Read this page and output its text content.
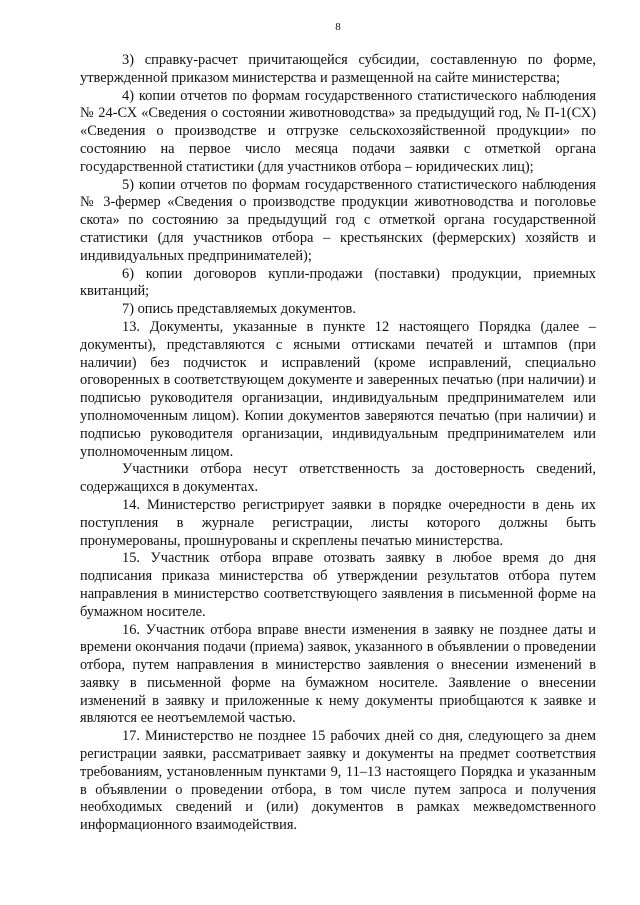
8

3) справку-расчет причитающейся субсидии, составленную по форме, утвержденной приказом министерства и размещенной на сайте министерства;

4) копии отчетов по формам государственного статистического наблюдения № 24-СХ «Сведения о состоянии животноводства» за предыдущий год, № П-1(СХ) «Сведения о производстве и отгрузке сельскохозяйственной продукции» по состоянию на первое число месяца подачи заявки с отметкой органа государственной статистики (для участников отбора – юридических лиц);

5) копии отчетов по формам государственного статистического наблюдения № 3-фермер «Сведения о производстве продукции животноводства и поголовье скота» по состоянию за предыдущий год с отметкой органа государственной статистики (для участников отбора – крестьянских (фермерских) хозяйств и индивидуальных предпринимателей);

6) копии договоров купли-продажи (поставки) продукции, приемных квитанций;

7) опись представляемых документов.

13. Документы, указанные в пункте 12 настоящего Порядка (далее – документы), представляются с ясными оттисками печатей и штампов (при наличии) без подчисток и исправлений (кроме исправлений, специально оговоренных в соответствующем документе и заверенных печатью (при наличии) и подписью руководителя организации, индивидуальным предпринимателем или уполномоченным лицом). Копии документов заверяются печатью (при наличии) и подписью руководителя организации, индивидуальным предпринимателем или уполномоченным лицом.

Участники отбора несут ответственность за достоверность сведений, содержащихся в документах.

14. Министерство регистрирует заявки в порядке очередности в день их поступления в журнале регистрации, листы которого должны быть пронумерованы, прошнурованы и скреплены печатью министерства.

15. Участник отбора вправе отозвать заявку в любое время до дня подписания приказа министерства об утверждении результатов отбора путем направления в министерство соответствующего заявления в письменной форме на бумажном носителе.

16. Участник отбора вправе внести изменения в заявку не позднее даты и времени окончания подачи (приема) заявок, указанного в объявлении о проведении отбора, путем направления в министерство заявления о внесении изменений в заявку в письменной форме на бумажном носителе. Заявление о внесении изменений в заявку и приложенные к нему документы приобщаются к заявке и являются ее неотъемлемой частью.

17. Министерство не позднее 15 рабочих дней со дня, следующего за днем регистрации заявки, рассматривает заявку и документы на предмет соответствия требованиям, установленным пунктами 9, 11–13 настоящего Порядка и указанным в объявлении о проведении отбора, в том числе путем запроса и получения необходимых сведений и (или) документов в рамках межведомственного информационного взаимодействия.
